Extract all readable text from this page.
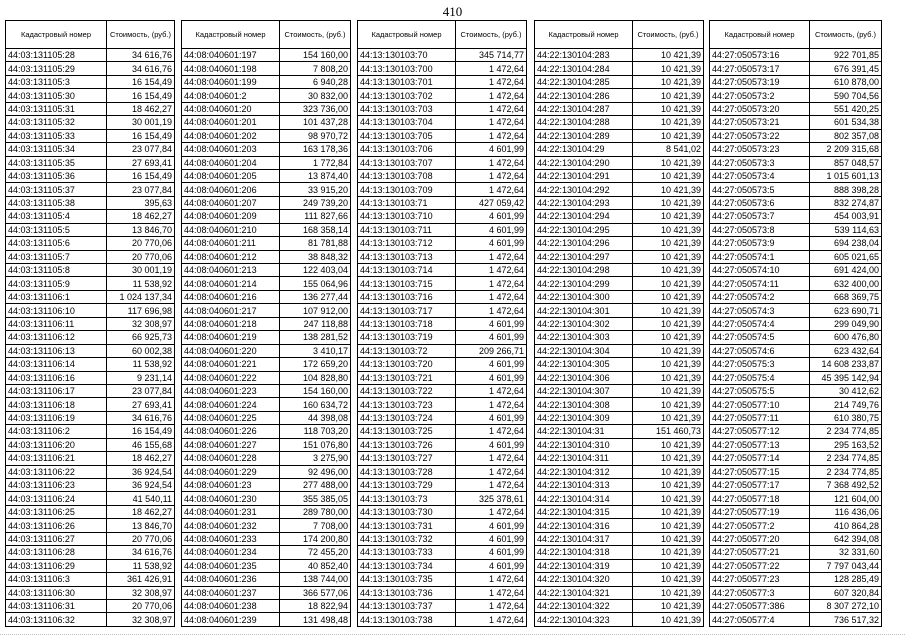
410
Кадастровый номер	Стоимость, (руб.)
44:03:131105:28	34 616,76
44:03:131105:29	34 616,76
44:03:131105:3	16 154,49
44:03:131105:30	16 154,49
44:03:131105:31	18 462,27
44:03:131105:32	30 001,19
44:03:131105:33	16 154,49
44:03:131105:34	23 077,84
44:03:131105:35	27 693,41
44:03:131105:36	16 154,49
44:03:131105:37	23 077,84
44:03:131105:38	395,63
44:03:131105:4	18 462,27
44:03:131105:5	13 846,70
44:03:131105:6	20 770,06
44:03:131105:7	20 770,06
44:03:131105:8	30 001,19
44:03:131105:9	11 538,92
44:03:131106:1	1 024 137,34
44:03:131106:10	117 696,98
44:03:131106:11	32 308,97
44:03:131106:12	66 925,73
44:03:131106:13	60 002,38
44:03:131106:14	11 538,92
44:03:131106:16	9 231,14
44:03:131106:17	23 077,84
44:03:131106:18	27 693,41
44:03:131106:19	34 616,76
44:03:131106:2	16 154,49
44:03:131106:20	46 155,68
44:03:131106:21	18 462,27
44:03:131106:22	36 924,54
44:03:131106:23	36 924,54
44:03:131106:24	41 540,11
44:03:131106:25	18 462,27
44:03:131106:26	13 846,70
44:03:131106:27	20 770,06
44:03:131106:28	34 616,76
44:03:131106:29	11 538,92
44:03:131106:3	361 426,91
44:03:131106:30	32 308,97
44:03:131106:31	20 770,06
44:03:131106:32	32 308,97
Кадастровый номер	Стоимость, (руб.)
44:08:040601:197	154 160,00
44:08:040601:198	7 808,20
44:08:040601:199	6 940,28
44:08:040601:2	30 832,00
44:08:040601:20	323 736,00
44:08:040601:201	101 437,28
44:08:040601:202	98 970,72
44:08:040601:203	163 178,36
44:08:040601:204	1 772,84
44:08:040601:205	13 874,40
44:08:040601:206	33 915,20
44:08:040601:207	249 739,20
44:08:040601:209	111 827,66
44:08:040601:210	168 358,14
44:08:040601:211	81 781,88
44:08:040601:212	38 848,32
44:08:040601:213	122 403,04
44:08:040601:214	155 064,96
44:08:040601:216	136 277,44
44:08:040601:217	107 912,00
44:08:040601:218	247 118,88
44:08:040601:219	138 281,52
44:08:040601:220	3 410,17
44:08:040601:221	172 659,20
44:08:040601:222	104 828,80
44:08:040601:223	154 160,00
44:08:040601:224	160 634,72
44:08:040601:225	44 398,08
44:08:040601:226	118 703,20
44:08:040601:227	151 076,80
44:08:040601:228	3 275,90
44:08:040601:229	92 496,00
44:08:040601:23	277 488,00
44:08:040601:230	355 385,05
44:08:040601:231	289 780,00
44:08:040601:232	7 708,00
44:08:040601:233	174 200,80
44:08:040601:234	72 455,20
44:08:040601:235	40 852,40
44:08:040601:236	138 744,00
44:08:040601:237	366 577,06
44:08:040601:238	18 822,94
44:08:040601:239	131 498,48
Кадастровый номер	Стоимость, (руб.)
44:13:130103:70	345 714,77
44:13:130103:700	1 472,64
44:13:130103:701	1 472,64
44:13:130103:702	1 472,64
44:13:130103:703	1 472,64
44:13:130103:704	1 472,64
44:13:130103:705	1 472,64
44:13:130103:706	4 601,99
44:13:130103:707	1 472,64
44:13:130103:708	1 472,64
44:13:130103:709	1 472,64
44:13:130103:71	427 059,42
44:13:130103:710	4 601,99
44:13:130103:711	4 601,99
44:13:130103:712	4 601,99
44:13:130103:713	1 472,64
44:13:130103:714	1 472,64
44:13:130103:715	1 472,64
44:13:130103:716	1 472,64
44:13:130103:717	1 472,64
44:13:130103:718	4 601,99
44:13:130103:719	4 601,99
44:13:130103:72	209 266,71
44:13:130103:720	4 601,99
44:13:130103:721	4 601,99
44:13:130103:722	1 472,64
44:13:130103:723	1 472,64
44:13:130103:724	4 601,99
44:13:130103:725	1 472,64
44:13:130103:726	4 601,99
44:13:130103:727	1 472,64
44:13:130103:728	1 472,64
44:13:130103:729	1 472,64
44:13:130103:73	325 378,61
44:13:130103:730	1 472,64
44:13:130103:731	4 601,99
44:13:130103:732	4 601,99
44:13:130103:733	4 601,99
44:13:130103:734	4 601,99
44:13:130103:735	1 472,64
44:13:130103:736	1 472,64
44:13:130103:737	1 472,64
44:13:130103:738	1 472,64
Кадастровый номер	Стоимость, (руб.)
44:22:130104:283	10 421,39
44:22:130104:284	10 421,39
44:22:130104:285	10 421,39
44:22:130104:286	10 421,39
44:22:130104:287	10 421,39
44:22:130104:288	10 421,39
44:22:130104:289	10 421,39
44:22:130104:29	8 541,02
44:22:130104:290	10 421,39
44:22:130104:291	10 421,39
44:22:130104:292	10 421,39
44:22:130104:293	10 421,39
44:22:130104:294	10 421,39
44:22:130104:295	10 421,39
44:22:130104:296	10 421,39
44:22:130104:297	10 421,39
44:22:130104:298	10 421,39
44:22:130104:299	10 421,39
44:22:130104:300	10 421,39
44:22:130104:301	10 421,39
44:22:130104:302	10 421,39
44:22:130104:303	10 421,39
44:22:130104:304	10 421,39
44:22:130104:305	10 421,39
44:22:130104:306	10 421,39
44:22:130104:307	10 421,39
44:22:130104:308	10 421,39
44:22:130104:309	10 421,39
44:22:130104:31	151 460,73
44:22:130104:310	10 421,39
44:22:130104:311	10 421,39
44:22:130104:312	10 421,39
44:22:130104:313	10 421,39
44:22:130104:314	10 421,39
44:22:130104:315	10 421,39
44:22:130104:316	10 421,39
44:22:130104:317	10 421,39
44:22:130104:318	10 421,39
44:22:130104:319	10 421,39
44:22:130104:320	10 421,39
44:22:130104:321	10 421,39
44:22:130104:322	10 421,39
44:22:130104:323	10 421,39
Кадастровый номер	Стоимость, (руб.)
44:27:050573:16	922 701,85
44:27:050573:17	676 391,45
44:27:050573:19	610 878,00
44:27:050573:2	590 704,56
44:27:050573:20	551 420,25
44:27:050573:21	601 534,38
44:27:050573:22	802 357,08
44:27:050573:23	2 209 315,68
44:27:050573:3	857 048,57
44:27:050573:4	1 015 601,13
44:27:050573:5	888 398,28
44:27:050573:6	832 274,87
44:27:050573:7	454 003,91
44:27:050573:8	539 114,63
44:27:050573:9	694 238,04
44:27:050574:1	605 021,65
44:27:050574:10	691 424,00
44:27:050574:11	632 400,00
44:27:050574:2	668 369,75
44:27:050574:3	623 690,71
44:27:050574:4	299 049,90
44:27:050574:5	600 476,80
44:27:050574:6	623 432,64
44:27:050575:3	14 608 233,87
44:27:050575:4	45 395 142,94
44:27:050575:5	30 412,62
44:27:050577:10	214 749,76
44:27:050577:11	610 380,75
44:27:050577:12	2 234 774,85
44:27:050577:13	295 163,52
44:27:050577:14	2 234 774,85
44:27:050577:15	2 234 774,85
44:27:050577:17	7 368 492,52
44:27:050577:18	121 604,00
44:27:050577:19	116 436,06
44:27:050577:2	410 864,28
44:27:050577:20	642 394,08
44:27:050577:21	32 331,60
44:27:050577:22	7 797 043,44
44:27:050577:23	128 285,49
44:27:050577:3	607 320,84
44:27:050577:386	8 307 272,10
44:27:050577:4	736 517,32
